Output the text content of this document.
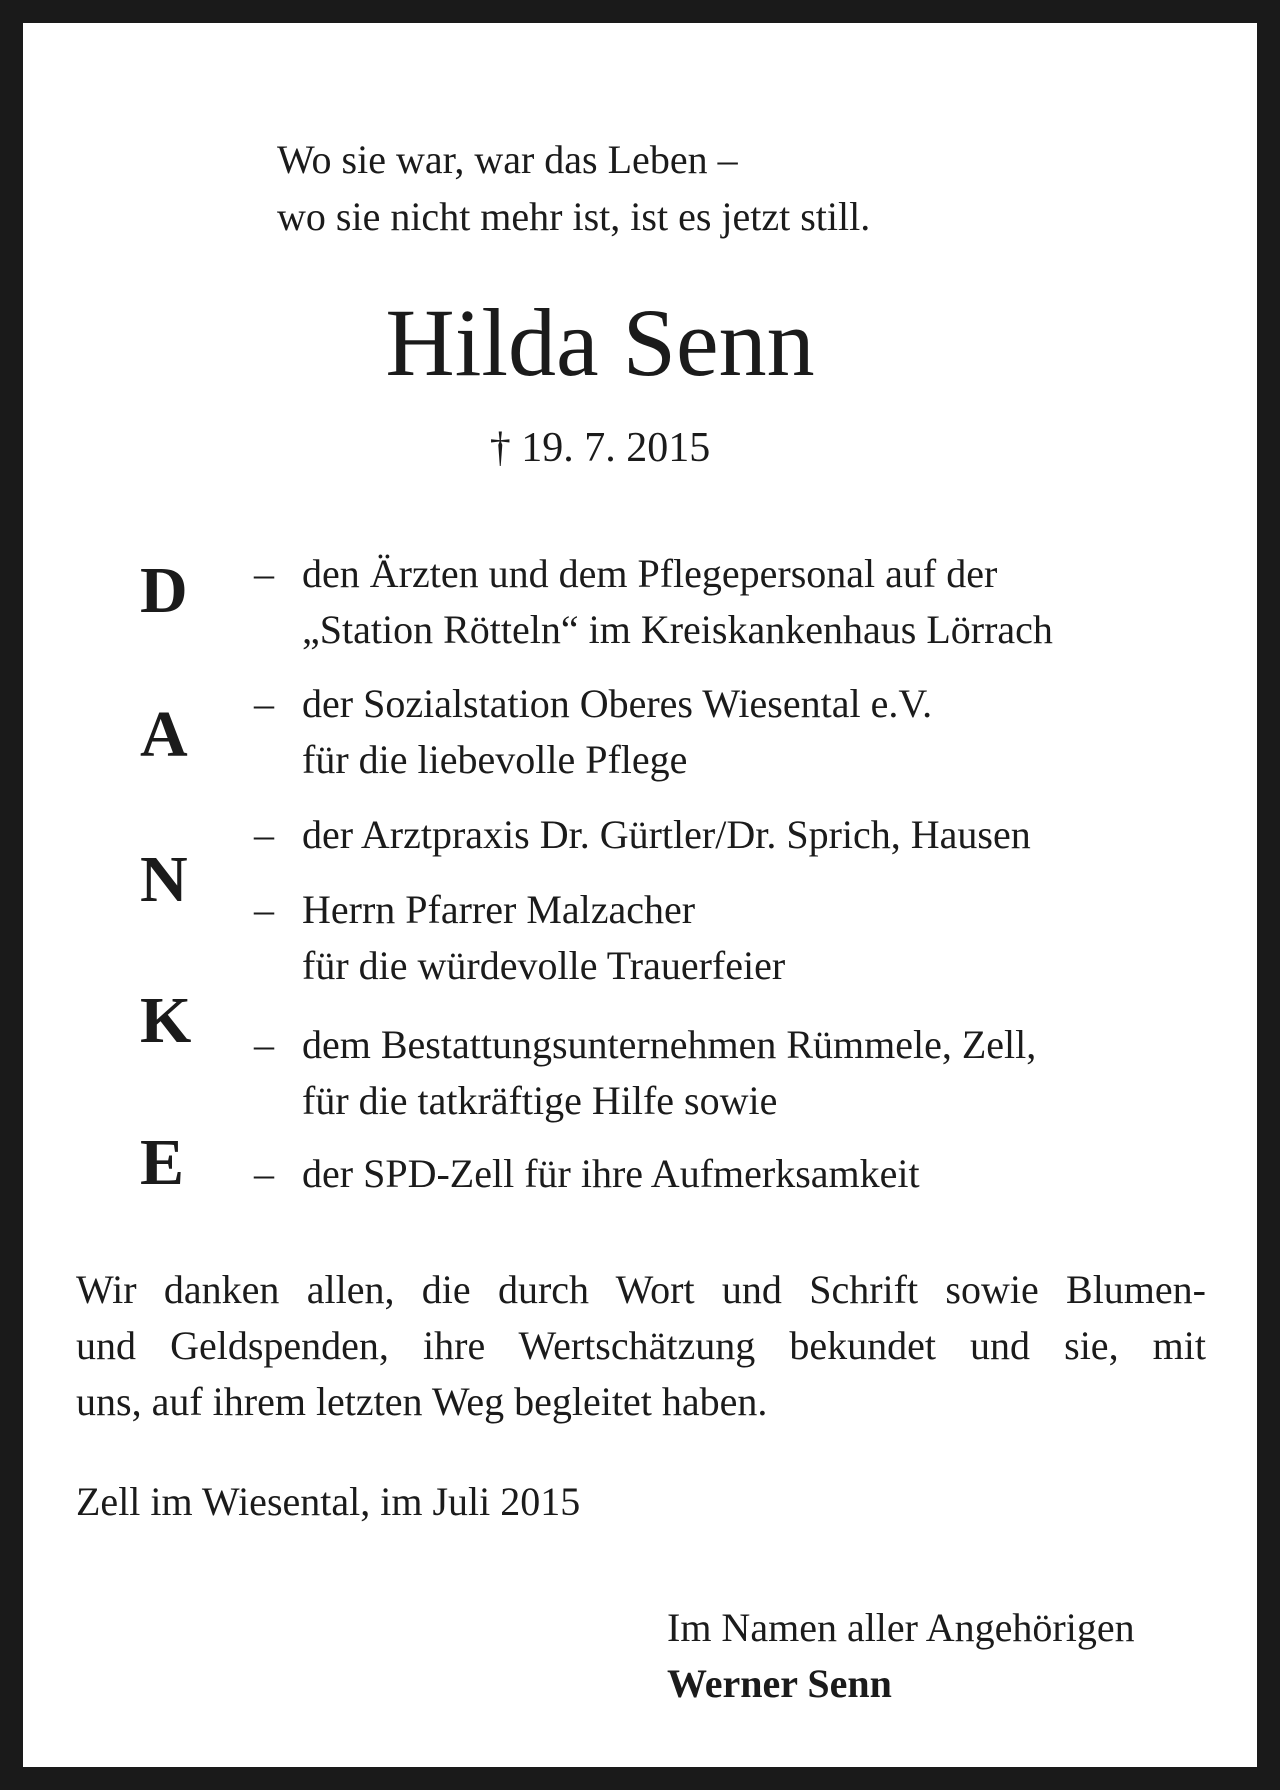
Wo sie war, war das Leben –
wo sie nicht mehr ist, ist es jetzt still.
Hilda Senn
† 19. 7. 2015
D
A
N
K
E
– den Ärzten und dem Pflegepersonal auf der
„Station Rötteln“ im Kreiskankenhaus Lörrach
– der Sozialstation Oberes Wiesental e.V.
für die liebevolle Pflege
– der Arztpraxis Dr. Gürtler/Dr. Sprich, Hausen
– Herrn Pfarrer Malzacher
für die würdevolle Trauerfeier
– dem Bestattungsunternehmen Rümmele, Zell,
für die tatkräftige Hilfe sowie
– der SPD-Zell für ihre Aufmerksamkeit
Wir danken allen, die durch Wort und Schrift sowie Blumen-
und Geldspenden, ihre Wertschätzung bekundet und sie, mit
uns, auf ihrem letzten Weg begleitet haben.
Zell im Wiesental, im Juli 2015
Im Namen aller Angehörigen
Werner Senn
